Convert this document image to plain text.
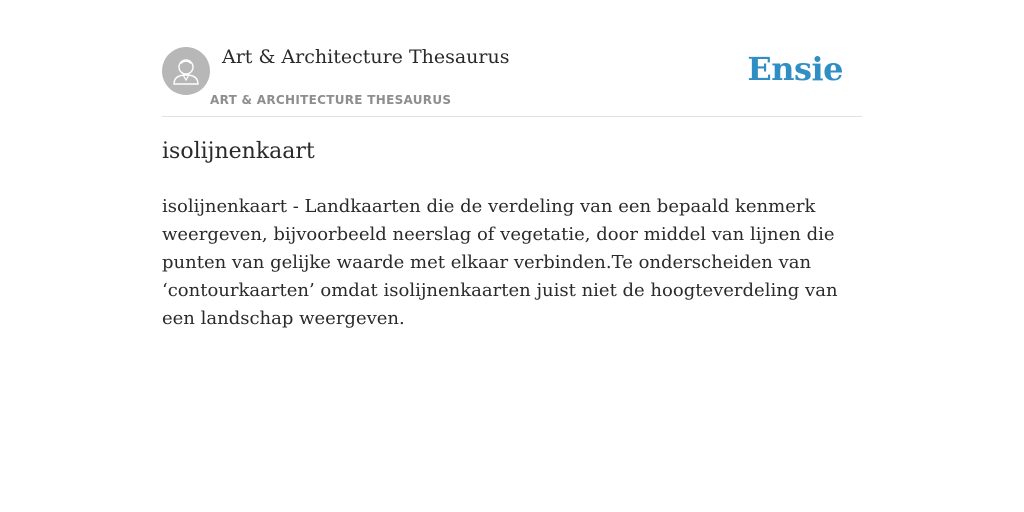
Art & Architecture Thesaurus
ART & ARCHITECTURE THESAURUS
Ensie
isolijnenkaart

isolijnenkaart - Landkaarten die de verdeling van een bepaald kenmerk weergeven, bijvoorbeeld neerslag of vegetatie, door middel van lijnen die punten van gelijke waarde met elkaar verbinden.Te onderscheiden van ‘contourkaarten’ omdat isolijnenkaarten juist niet de hoogteverdeling van een landschap weergeven.
